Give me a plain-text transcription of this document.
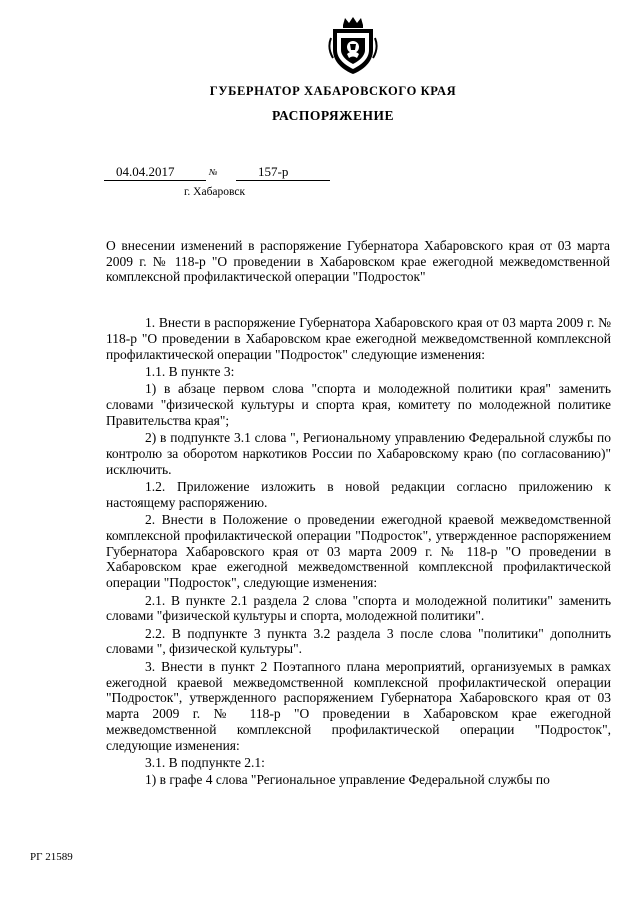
ГУБЕРНАТОР ХАБАРОВСКОГО КРАЯ
РАСПОРЯЖЕНИЕ
04.04.2017	№	157-р
г. Хабаровск
О внесении изменений в распоряжение Губернатора Хабаровского края от 03 марта 2009 г. № 118-р "О проведении в Хабаровском крае ежегодной межведомственной комплексной профилактической операции "Подросток"

1. Внести в распоряжение Губернатора Хабаровского края от 03 марта 2009 г. № 118-р "О проведении в Хабаровском крае ежегодной межведомственной комплексной профилактической операции "Подросток" следующие изменения:

1.1. В пункте 3:

1) в абзаце первом слова "спорта и молодежной политики края" заменить словами "физической культуры и спорта края, комитету по молодежной политике Правительства края";

2) в подпункте 3.1 слова ", Региональному управлению Федеральной службы по контролю за оборотом наркотиков России по Хабаровскому краю (по согласованию)" исключить.

1.2. Приложение изложить в новой редакции согласно приложению к настоящему распоряжению.

2. Внести в Положение о проведении ежегодной краевой межведомственной комплексной профилактической операции "Подросток", утвержденное распоряжением Губернатора Хабаровского края от 03 марта 2009 г. № 118-р "О проведении в Хабаровском крае ежегодной межведомственной комплексной профилактической операции "Подросток", следующие изменения:

2.1. В пункте 2.1 раздела 2 слова "спорта и молодежной политики" заменить словами "физической культуры и спорта, молодежной политики".

2.2. В подпункте 3 пункта 3.2 раздела 3 после слова "политики" дополнить словами ", физической культуры".

3. Внести в пункт 2 Поэтапного плана мероприятий, организуемых в рамках ежегодной краевой межведомственной комплексной профилактической операции "Подросток", утвержденного распоряжением Губернатора Хабаровского края от 03 марта 2009 г. № 118-р "О проведении в Хабаровском крае ежегодной межведомственной комплексной профилактической операции "Подросток", следующие изменения:

3.1. В подпункте 2.1:

1) в графе 4 слова "Региональное управление Федеральной службы по

РГ 21589
